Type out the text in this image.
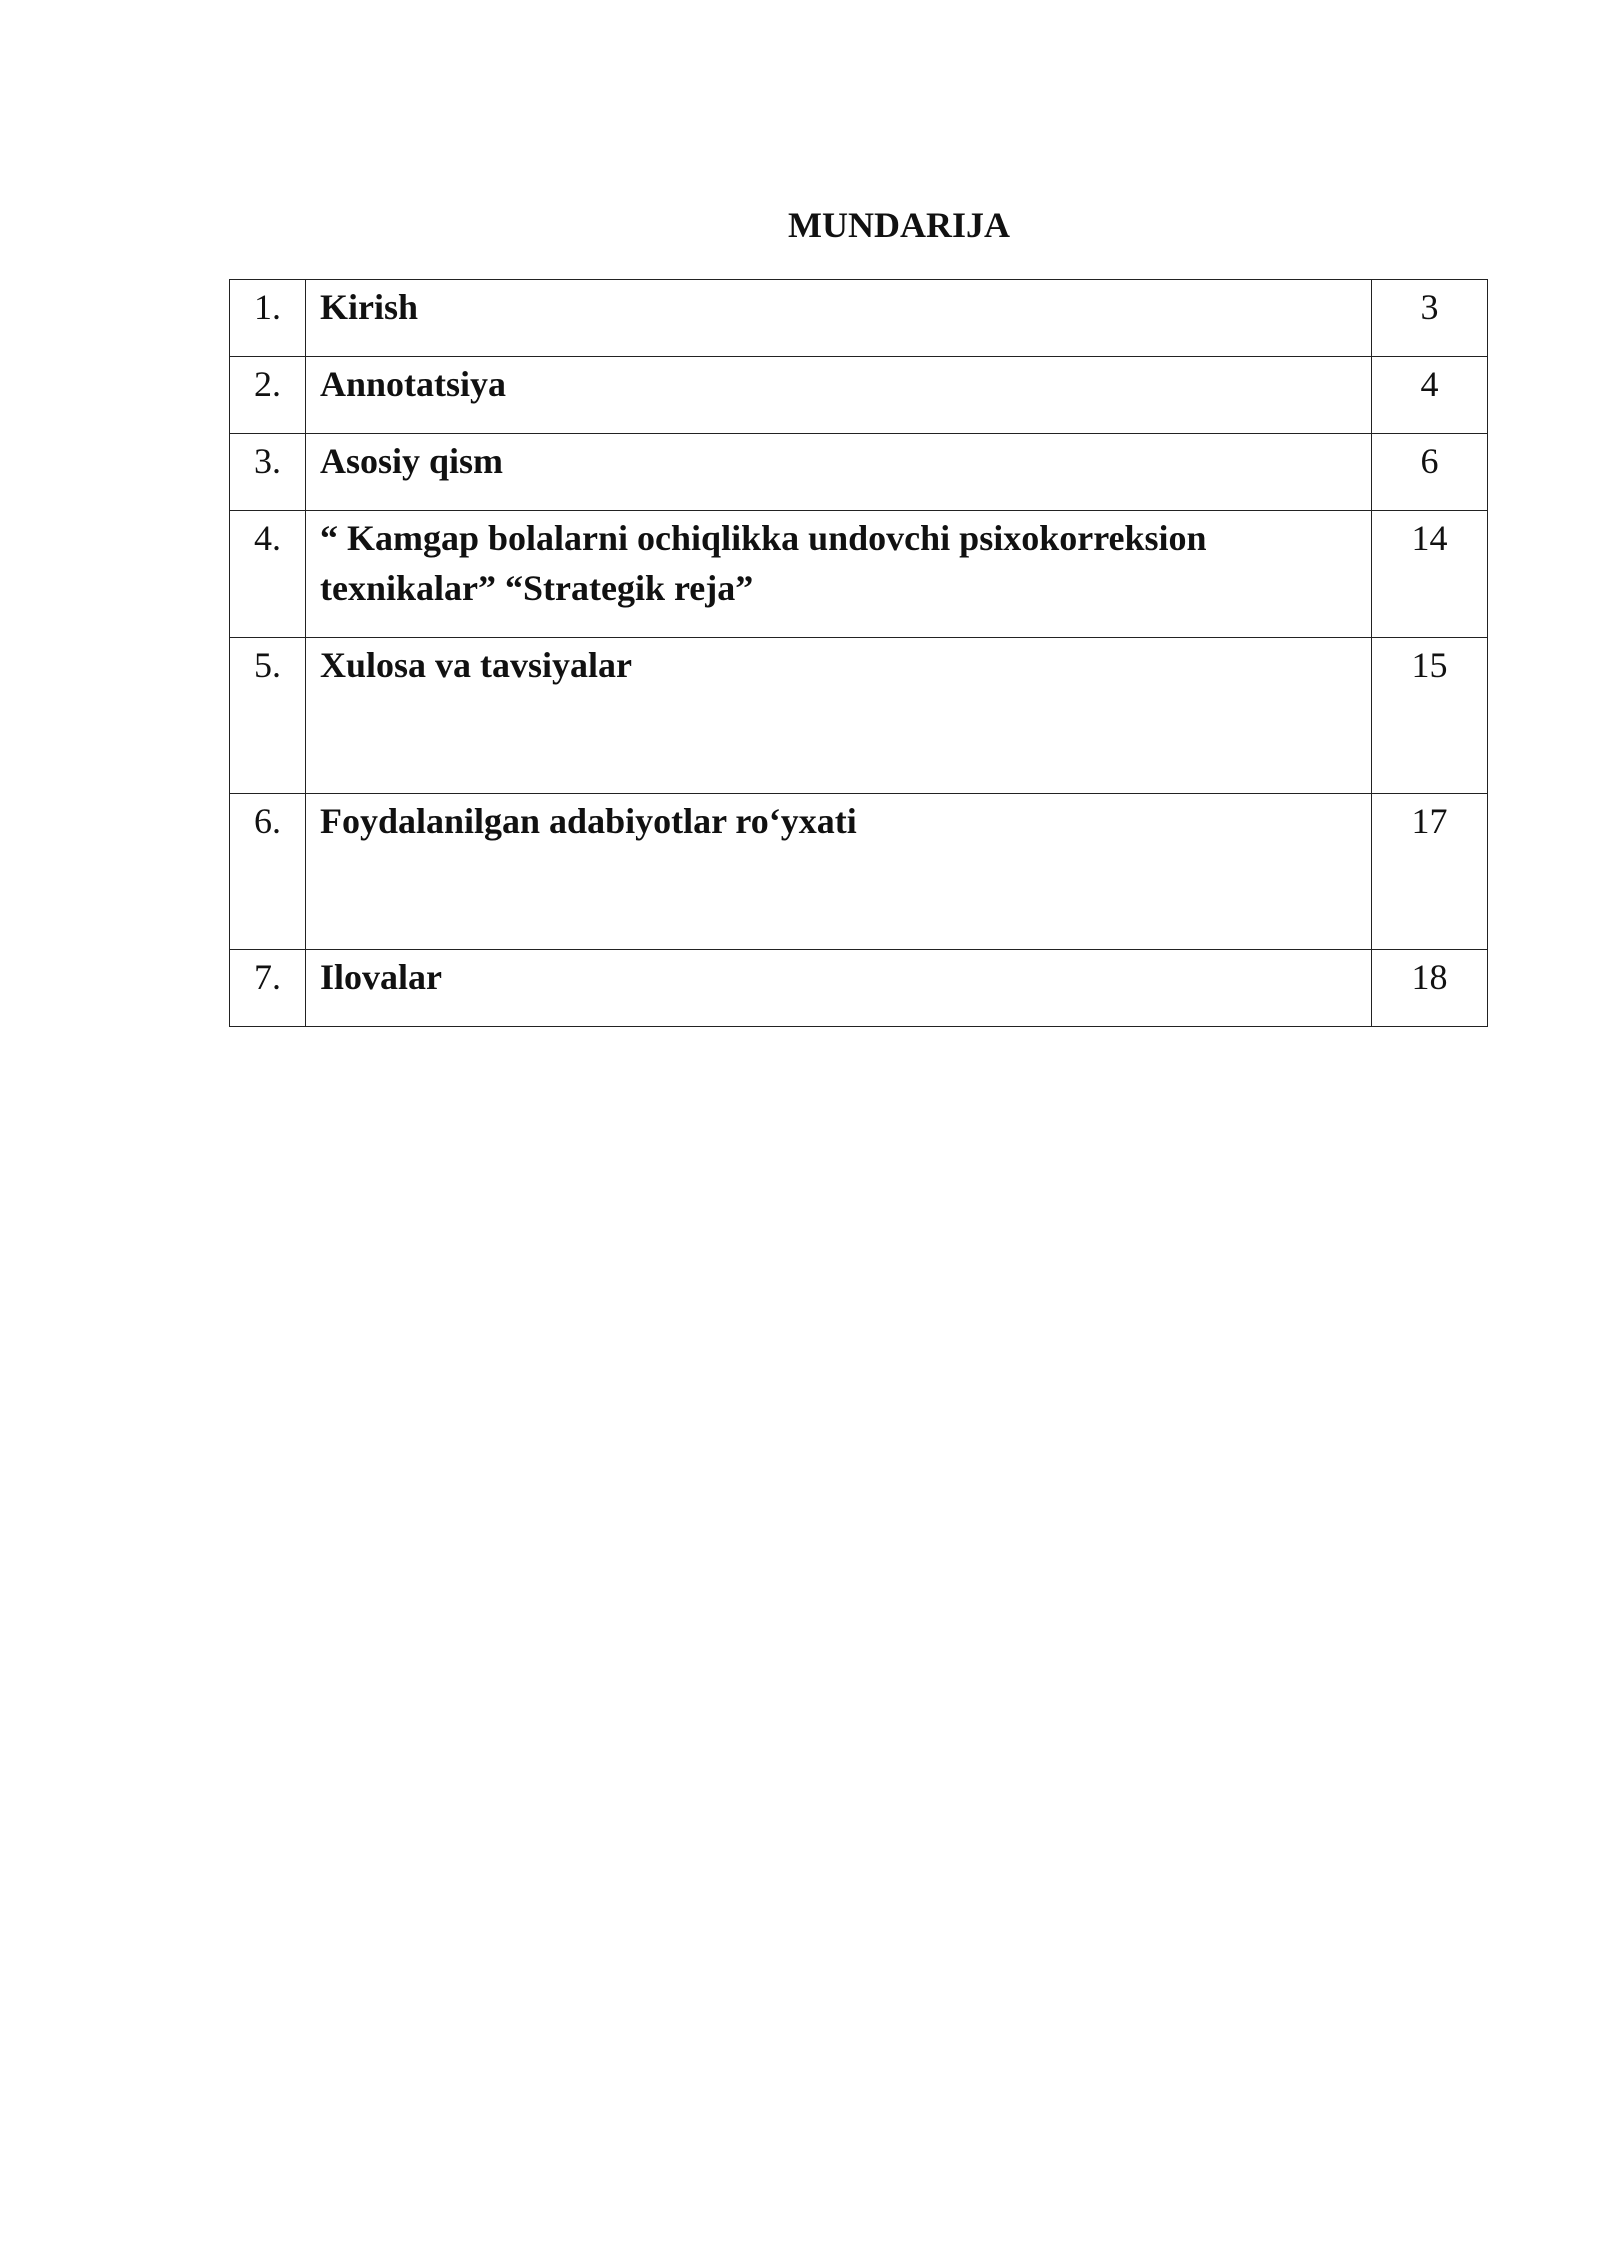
MUNDARIJA
1.	Kirish	3
2.	Annotatsiya	4
3.	Asosiy qism	6
4.	“ Kamgap bolalarni ochiqlikka undovchi psixokorreksion texnikalar” “Strategik reja”	14
5.	Xulosa va tavsiyalar	15
6.	Foydalanilgan adabiyotlar ro‘yxati	17
7.	Ilovalar	18
